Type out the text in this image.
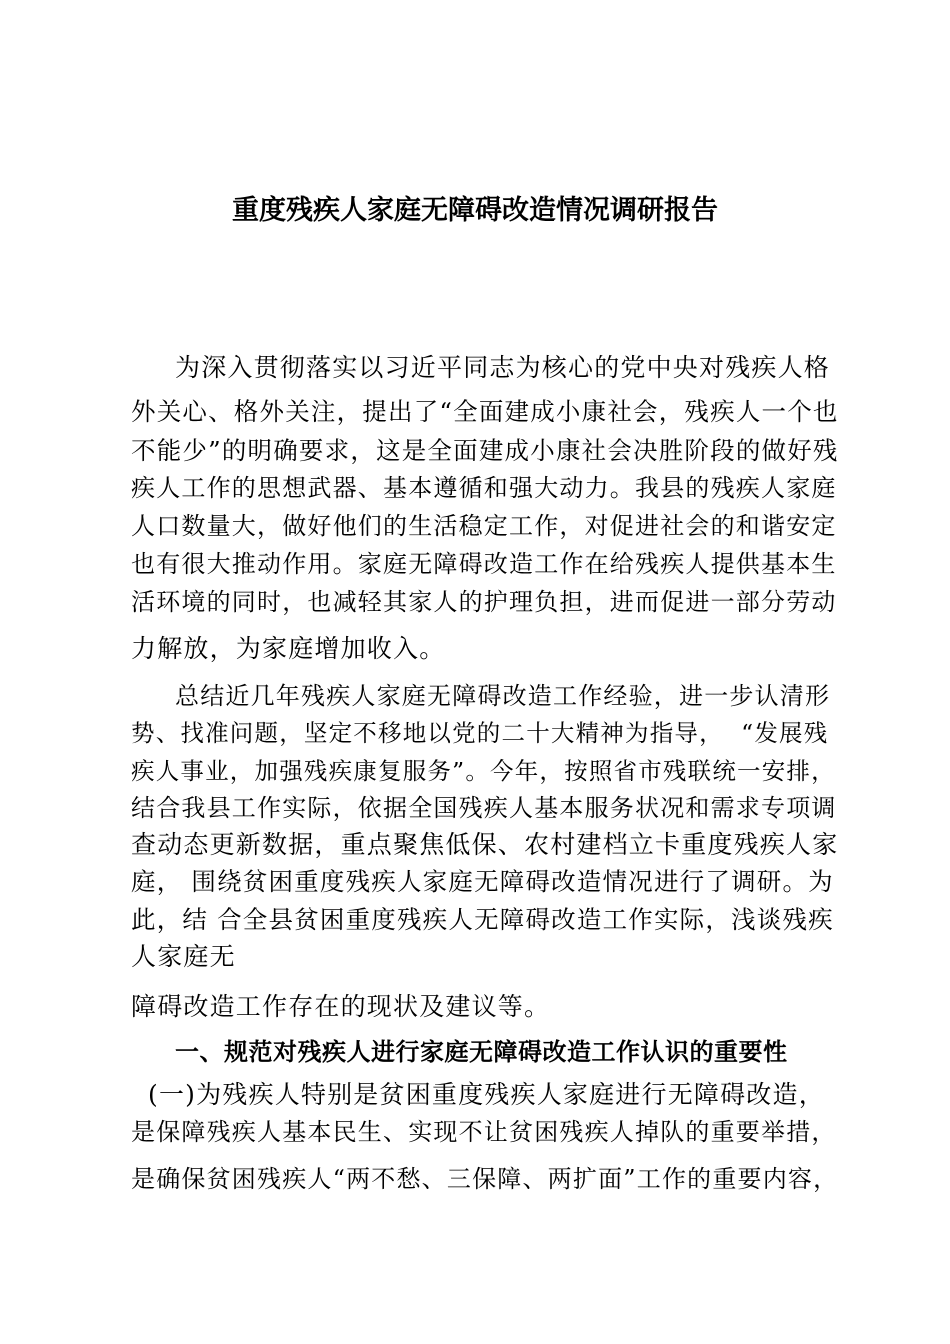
重度残疾人家庭无障碍改造情况调研报告
为深入贯彻落实以习近平同志为核心的党中央对残疾人格
外关心、格外关注，提出了“全面建成小康社会，残疾人一个也
不能少”的明确要求，这是全面建成小康社会决胜阶段的做好残
疾人工作的思想武器、基本遵循和强大动力。我县的残疾人家庭
人口数量大，做好他们的生活稳定工作，对促进社会的和谐安定
也有很大推动作用。家庭无障碍改造工作在给残疾人提供基本生
活环境的同时，也减轻其家人的护理负担，进而促进一部分劳动
力解放，为家庭增加收入。
总结近几年残疾人家庭无障碍改造工作经验，进一步认清形
势、找准问题，坚定不移地以党的二十大精神为指导，  “发展残
疾人事业，加强残疾康复服务”。今年，按照省市残联统一安排，
结合我县工作实际，依据全国残疾人基本服务状况和需求专项调
查动态更新数据，重点聚焦低保、农村建档立卡重度残疾人家
庭， 围绕贫困重度残疾人家庭无障碍改造情况进行了调研。为
此，结 合全县贫困重度残疾人无障碍改造工作实际，浅谈残疾
人家庭无
障碍改造工作存在的现状及建议等。
一、规范对残疾人进行家庭无障碍改造工作认识的重要性
(一)为残疾人特别是贫困重度残疾人家庭进行无障碍改造，
是保障残疾人基本民生、实现不让贫困残疾人掉队的重要举措，
是确保贫困残疾人“两不愁、三保障、两扩面”工作的重要内容，
